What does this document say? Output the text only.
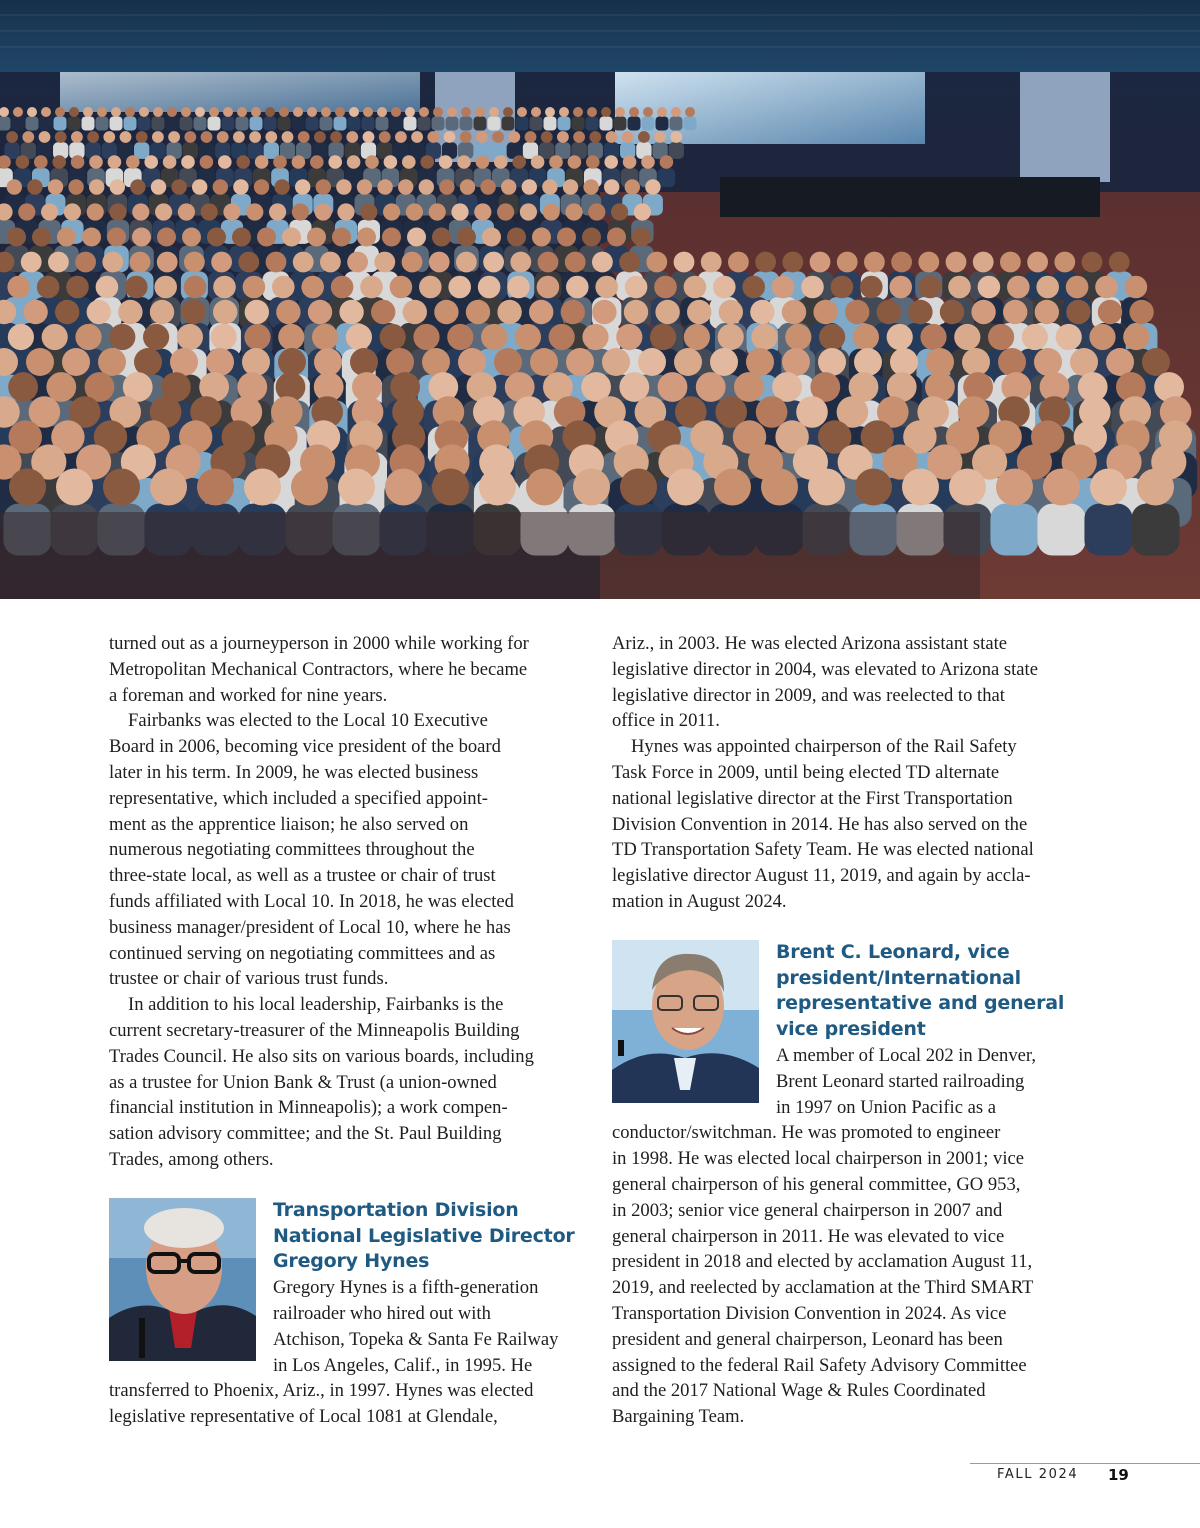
turned out as a journeyperson in 2000 while working for
Metropolitan Mechanical Contractors, where he became
a foreman and worked for nine years.
Fairbanks was elected to the Local 10 Executive
Board in 2006, becoming vice president of the board
later in his term. In 2009, he was elected business
representative, which included a specified appoint-
ment as the apprentice liaison; he also served on
numerous negotiating committees throughout the
three-state local, as well as a trustee or chair of trust
funds affiliated with Local 10. In 2018, he was elected
business manager/president of Local 10, where he has
continued serving on negotiating committees and as
trustee or chair of various trust funds.
In addition to his local leadership, Fairbanks is the
current secretary-treasurer of the Minneapolis Building
Trades Council. He also sits on various boards, including
as a trustee for Union Bank & Trust (a union-owned
financial institution in Minneapolis); a work compen-
sation advisory committee; and the St. Paul Building
Trades, among others.
Transportation Division
National Legislative Director
Gregory Hynes
Gregory Hynes is a fifth-generation
railroader who hired out with
Atchison, Topeka & Santa Fe Railway
in Los Angeles, Calif., in 1995. He
transferred to Phoenix, Ariz., in 1997. Hynes was elected
legislative representative of Local 1081 at Glendale,
Ariz., in 2003. He was elected Arizona assistant state
legislative director in 2004, was elevated to Arizona state
legislative director in 2009, and was reelected to that
office in 2011.
Hynes was appointed chairperson of the Rail Safety
Task Force in 2009, until being elected TD alternate
national legislative director at the First Transportation
Division Convention in 2014. He has also served on the
TD Transportation Safety Team. He was elected national
legislative director August 11, 2019, and again by accla-
mation in August 2024.
Brent C. Leonard, vice
president/International
representative and general
vice president
A member of Local 202 in Denver,
Brent Leonard started railroading
in 1997 on Union Pacific as a
conductor/switchman. He was promoted to engineer
in 1998. He was elected local chairperson in 2001; vice
general chairperson of his general committee, GO 953,
in 2003; senior vice general chairperson in 2007 and
general chairperson in 2011. He was elevated to vice
president in 2018 and elected by acclamation August 11,
2019, and reelected by acclamation at the Third SMART
Transportation Division Convention in 2024. As vice
president and general chairperson, Leonard has been
assigned to the federal Rail Safety Advisory Committee
and the 2017 National Wage & Rules Coordinated
Bargaining Team.
FALL 2024 19
